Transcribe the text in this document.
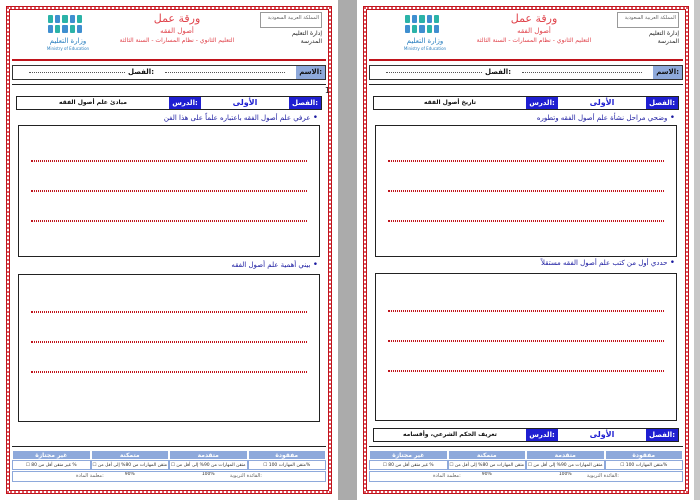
وزارة التعليم
Ministry of Education
ورقة عمل
أصول الفقه
التعليم الثانوي - نظام المسارات - السنة الثالثة
المملكة العربية السعودية
إدارة التعليم
المدرسة
الاسم:
الفصل:
1
الفصل:
الأولى
الدرس:
مبادئ علم أصول الفقه
• عرفي علم أصول الفقه باعتباره علماً على هذا الفن
• بيني أهمية علم أصول الفقه
مفقودة
متقدمة
متمكنة
غير مجتازة
☐ متقن المهارات 100%
☐ متقن المهارات من 90% إلى أقل من 100%
☐ متقن المهارات من 80% إلى أقل من 90%
☐ غير متقن أقل من 80 %
معلمة المادة:	القائدة التربوية:
وزارة التعليم
Ministry of Education
ورقة عمل
أصول الفقه
التعليم الثانوي - نظام المسارات - السنة الثالثة
المملكة العربية السعودية
إدارة التعليم
المدرسة
الاسم:
الفصل:
الفصل:
الأولى
الدرس:
تاريخ أصول الفقه
• وضحي مراحل نشأة علم أصول الفقه وتطوره
• حددي أول من كتب علم أصول الفقه مستقلاً
الفصل:
الأولى
الدرس:
تعريف الحكم الشرعي، وأقسامه
مفقودة
متقدمة
متمكنة
غير مجتازة
☐ متقن المهارات 100%
☐ متقن المهارات من 90% إلى أقل من 100%
☐ متقن المهارات من 80% إلى أقل من 90%
☐ غير متقن أقل من 80 %
معلمة المادة:	القائدة التربوية:
